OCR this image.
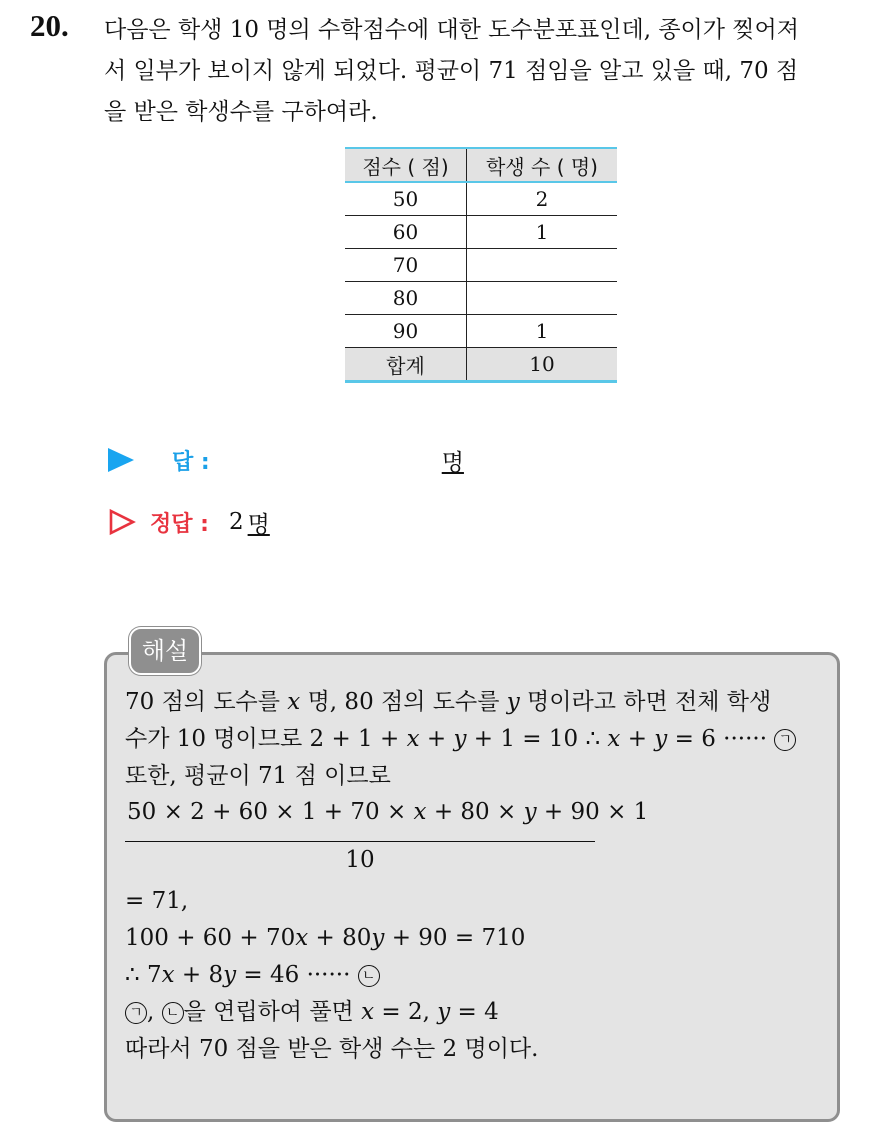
20. 다음은 학생 10 명의 수학점수에 대한 도수분포표인데, 종이가 찢어져
서 일부가 보이지 않게 되었다. 평균이 71 점임을 알고 있을 때, 70 점
을 받은 학생수를 구하여라.
점수 ( 점)	학생 수 ( 명)
50	2
60	1
70	
80	
90	1
합계	10
답 :	명
정답 : 2 명
해설
70 점의 도수를 x 명, 80 점의 도수를 y 명이라고 하면 전체 학생
수가 10 명이므로 2 + 1 + x + y + 1 = 10 ∴ x + y = 6 ······ ㄱ
또한, 평균이 71 점 이므로
50 × 2 + 60 × 1 + 70 × x + 80 × y + 90 × 1
10
= 71,
100 + 60 + 70x + 80y + 90 = 710
∴ 7x + 8y = 46 ······ ㄴ
ㄱ , ㄴ 을 연립하여 풀면 x = 2, y = 4
따라서 70 점을 받은 학생 수는 2 명이다.
